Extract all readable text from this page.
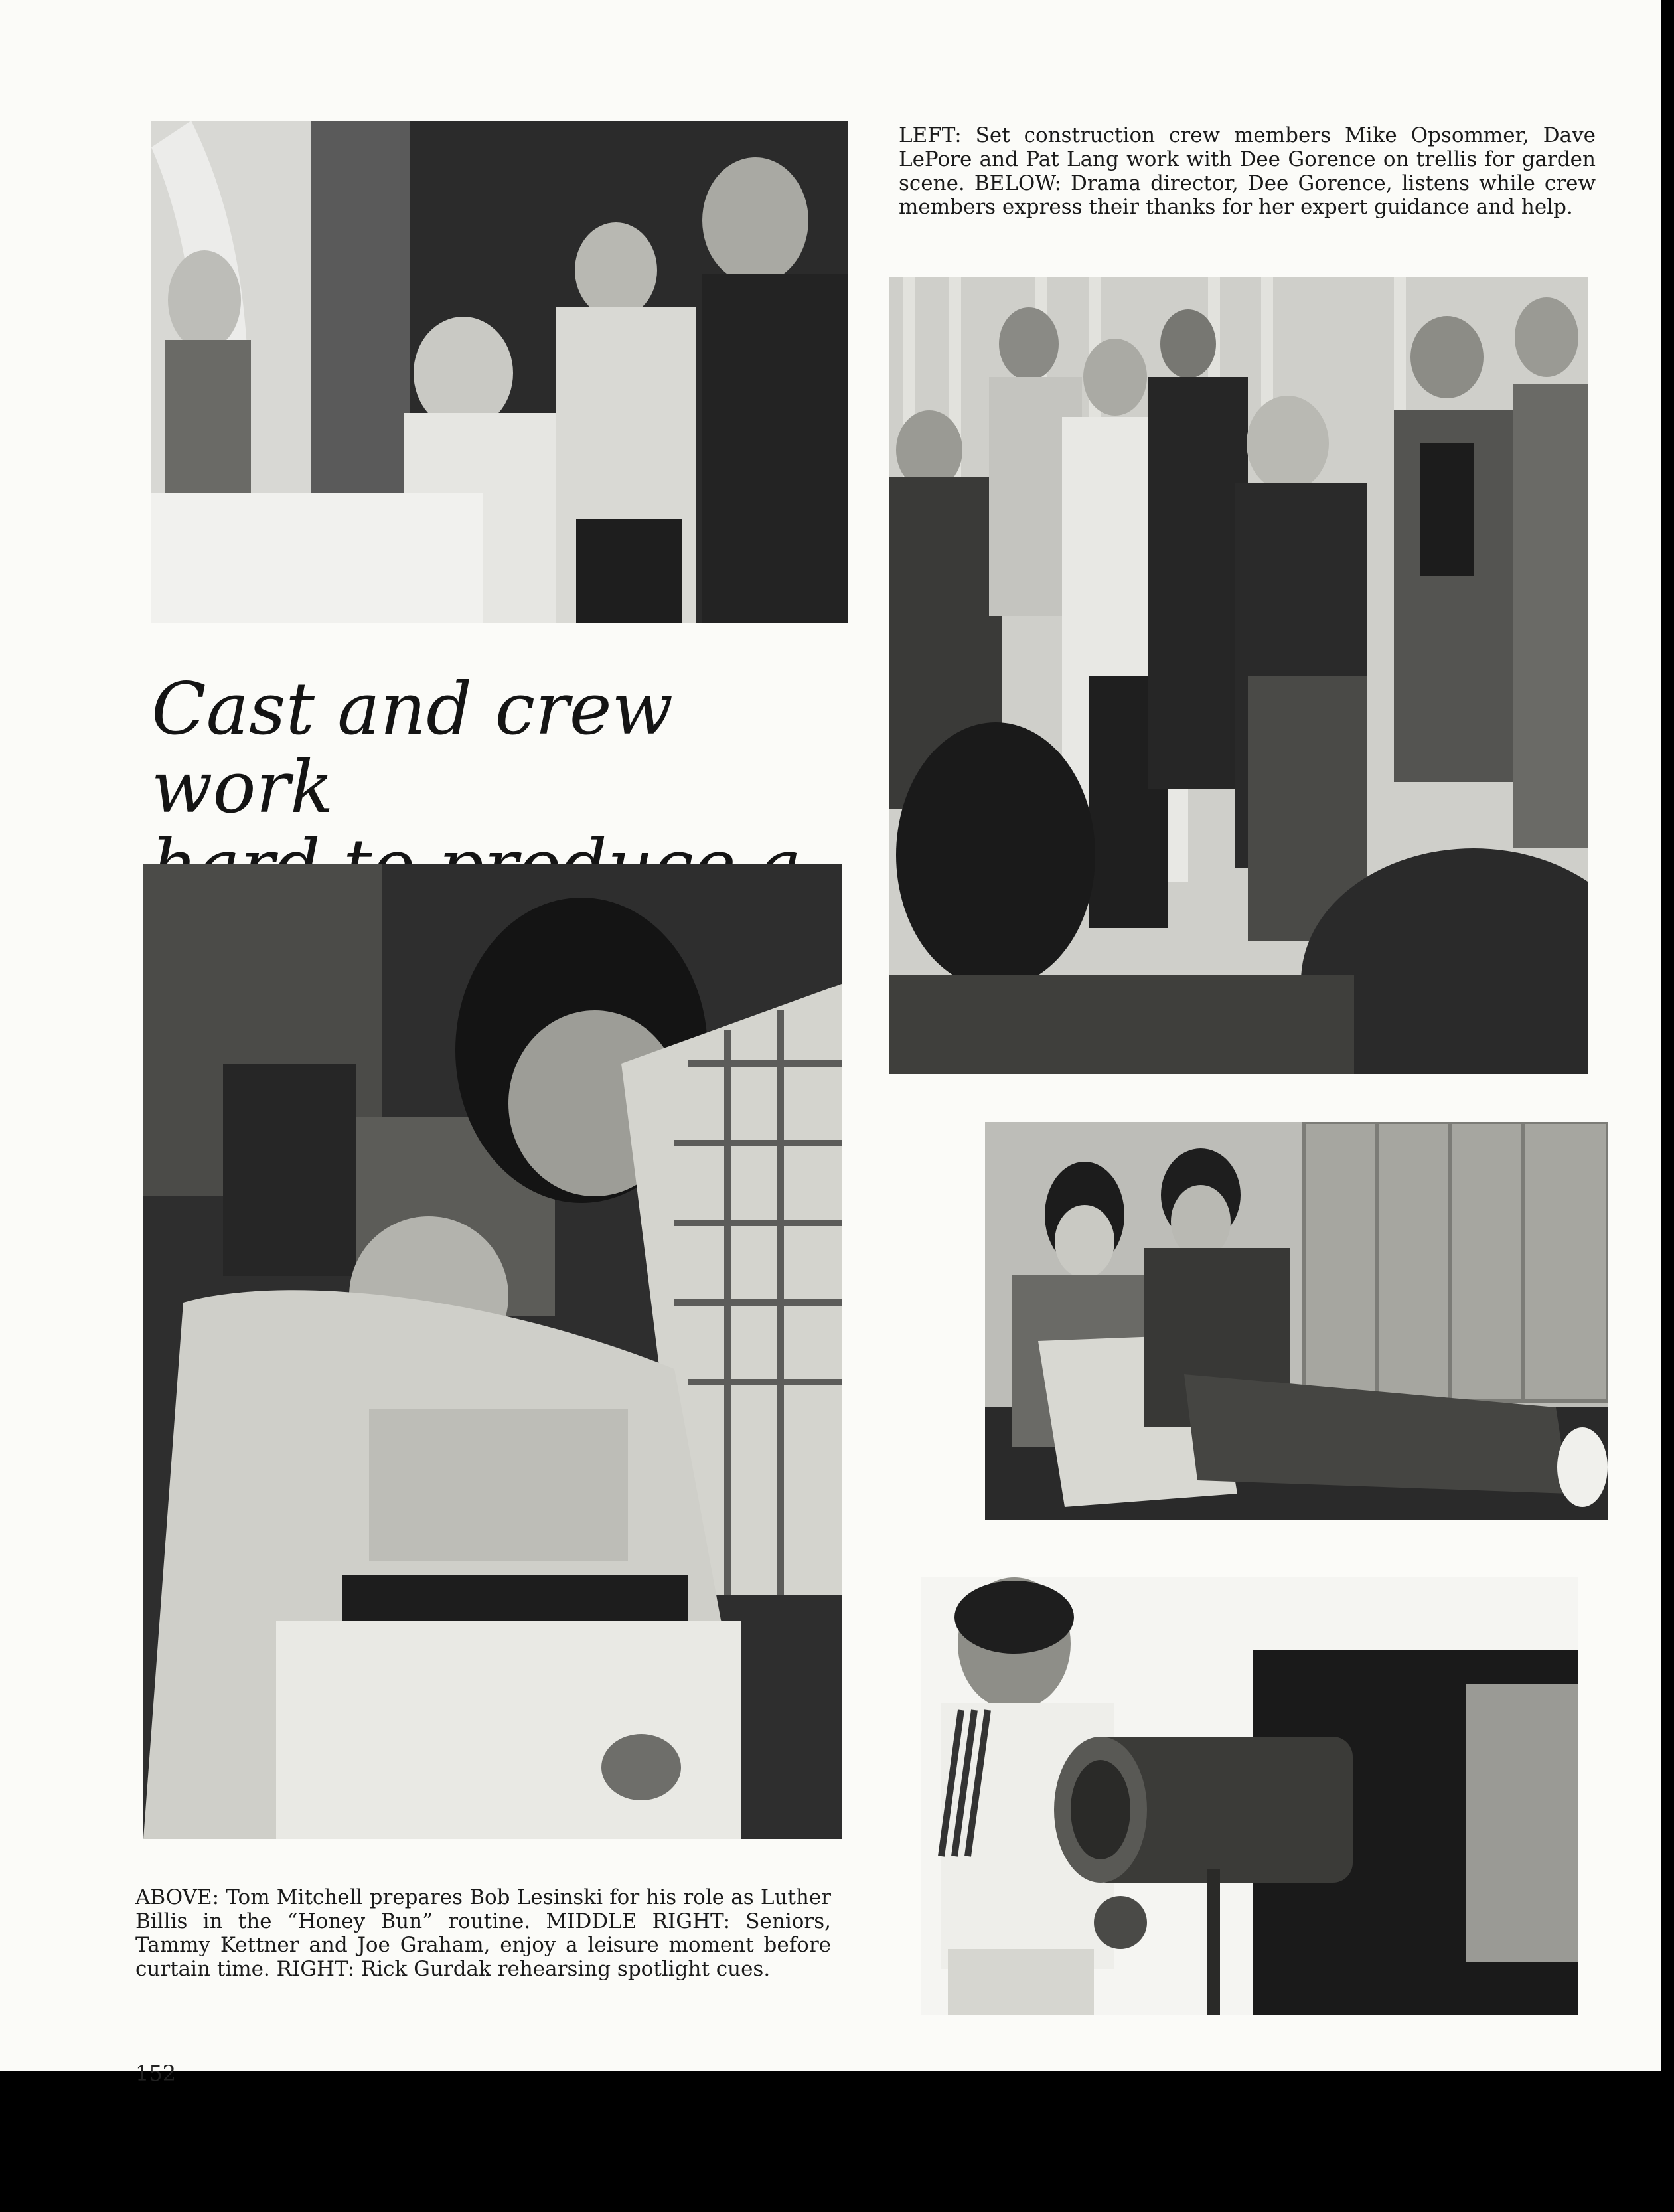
LEFT: Set construction crew members Mike Opsommer, Dave LePore and Pat Lang work with Dee Gorence on trellis for garden scene. BELOW: Drama director, Dee Gorence, listens while crew members express their thanks for her expert guidance and help.

Cast and crew work

ABOVE: Tom Mitchell prepares Bob Lesinski for his role as Luther Billis in the “Honey Bun” routine. MIDDLE RIGHT: Seniors, Tammy Kettner and Joe Graham, enjoy a leisure moment before curtain time. RIGHT: Rick Gurdak rehearsing spotlight cues.

152
